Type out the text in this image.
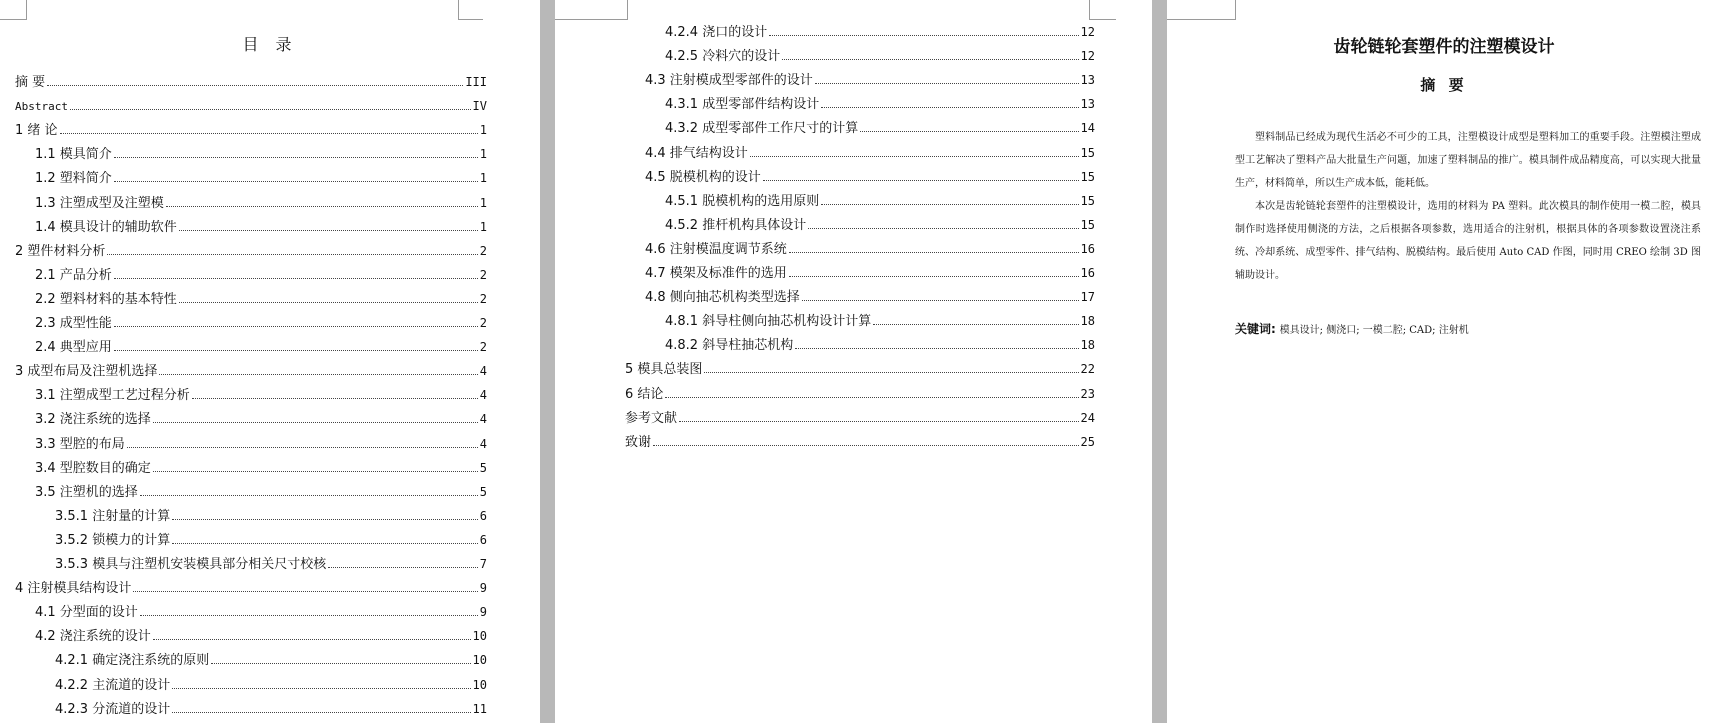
目 录
摘 要	III
Abstract	IV
1 绪 论	1
1.1 模具简介	1
1.2 塑料简介	1
1.3 注塑成型及注塑模	1
1.4 模具设计的辅助软件	1
2 塑件材料分析	2
2.1 产品分析	2
2.2 塑料材料的基本特性	2
2.3 成型性能	2
2.4 典型应用	2
3 成型布局及注塑机选择	4
3.1 注塑成型工艺过程分析	4
3.2 浇注系统的选择	4
3.3 型腔的布局	4
3.4 型腔数目的确定	5
3.5 注塑机的选择	5
3.5.1 注射量的计算	6
3.5.2 锁模力的计算	6
3.5.3 模具与注塑机安装模具部分相关尺寸校核	7
4 注射模具结构设计	9
4.1 分型面的设计	9
4.2 浇注系统的设计	10
4.2.1 确定浇注系统的原则	10
4.2.2 主流道的设计	10
4.2.3 分流道的设计	11
4.2.4 浇口的设计	12
4.2.5 冷料穴的设计	12
4.3 注射模成型零部件的设计	13
4.3.1 成型零部件结构设计	13
4.3.2 成型零部件工作尺寸的计算	14
4.4 排气结构设计	15
4.5 脱模机构的设计	15
4.5.1 脱模机构的选用原则	15
4.5.2 推杆机构具体设计	15
4.6 注射模温度调节系统	16
4.7 模架及标准件的选用	16
4.8 侧向抽芯机构类型选择	17
4.8.1 斜导柱侧向抽芯机构设计计算	18
4.8.2 斜导柱抽芯机构	18
5 模具总装图	22
6 结论	23
参考文献	24
致谢	25
齿轮链轮套塑件的注塑模设计
摘 要

塑料制品已经成为现代生活必不可少的工具，注塑模设计成型是塑料加工的重要手段。注塑模注塑成型工艺解决了塑料产品大批量生产问题，加速了塑料制品的推广。模具制件成品精度高，可以实现大批量生产，材料简单，所以生产成本低，能耗低。

本次是齿轮链轮套塑件的注塑模设计，选用的材料为 PA 塑料。此次模具的制作使用一模二腔，模具制作时选择使用侧浇的方法，之后根据各项参数，选用适合的注射机，根据具体的各项参数设置浇注系统、冷却系统、成型零件、排气结构、脱模结构。最后使用 Auto CAD 作图，同时用 CREO 绘制 3D 图辅助设计。

关键词: 模具设计; 侧浇口; 一模二腔; CAD; 注射机
